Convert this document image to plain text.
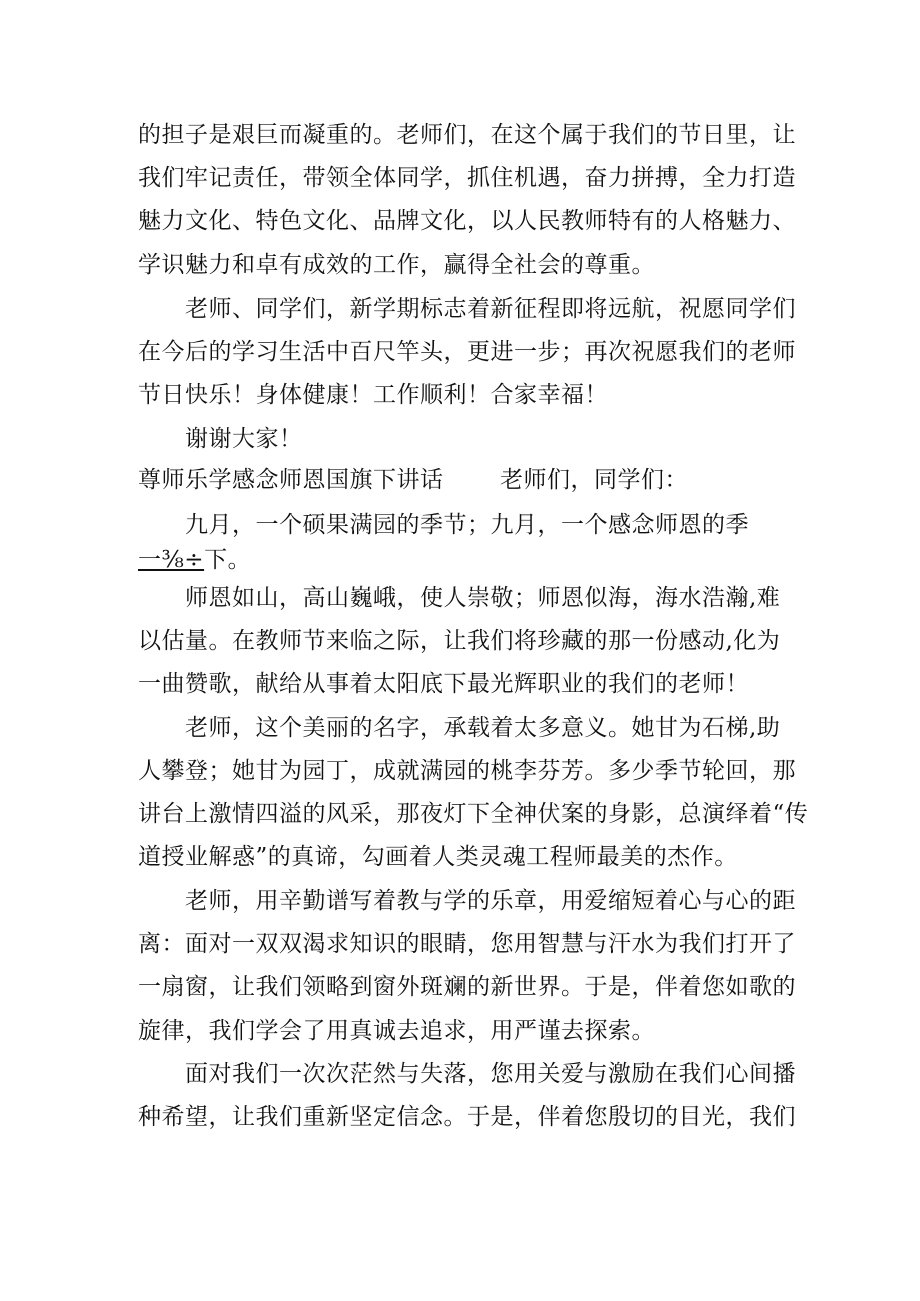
的担子是艰巨而凝重的。老师们，在这个属于我们的节日里，让
我们牢记责任，带领全体同学，抓住机遇，奋力拼搏，全力打造
魅力文化、特色文化、品牌文化，以人民教师特有的人格魅力、
学识魅力和卓有成效的工作，赢得全社会的尊重。
老师、同学们，新学期标志着新征程即将远航，祝愿同学们
在今后的学习生活中百尺竿头，更进一步；再次祝愿我们的老师
节日快乐！身体健康！工作顺利！合家幸福！
谢谢大家！
尊师乐学感念师恩国旗下讲话 老师们，同学们：
九月，一个硕果满园的季节；九月，一个感念师恩的季
一⅜÷下。
师恩如山，高山巍峨，使人崇敬；师恩似海，海水浩瀚,难
以估量。在教师节来临之际，让我们将珍藏的那一份感动,化为
一曲赞歌，献给从事着太阳底下最光辉职业的我们的老师！
老师，这个美丽的名字，承载着太多意义。她甘为石梯,助
人攀登；她甘为园丁，成就满园的桃李芬芳。多少季节轮回，那
讲台上激情四溢的风采，那夜灯下全神伏案的身影，总演绎着“传
道授业解惑”的真谛，勾画着人类灵魂工程师最美的杰作。
老师，用辛勤谱写着教与学的乐章，用爱缩短着心与心的距
离：面对一双双渴求知识的眼睛，您用智慧与汗水为我们打开了
一扇窗，让我们领略到窗外斑斓的新世界。于是，伴着您如歌的
旋律，我们学会了用真诚去追求，用严谨去探索。
面对我们一次次茫然与失落，您用关爱与激励在我们心间播
种希望，让我们重新坚定信念。于是，伴着您殷切的目光，我们
